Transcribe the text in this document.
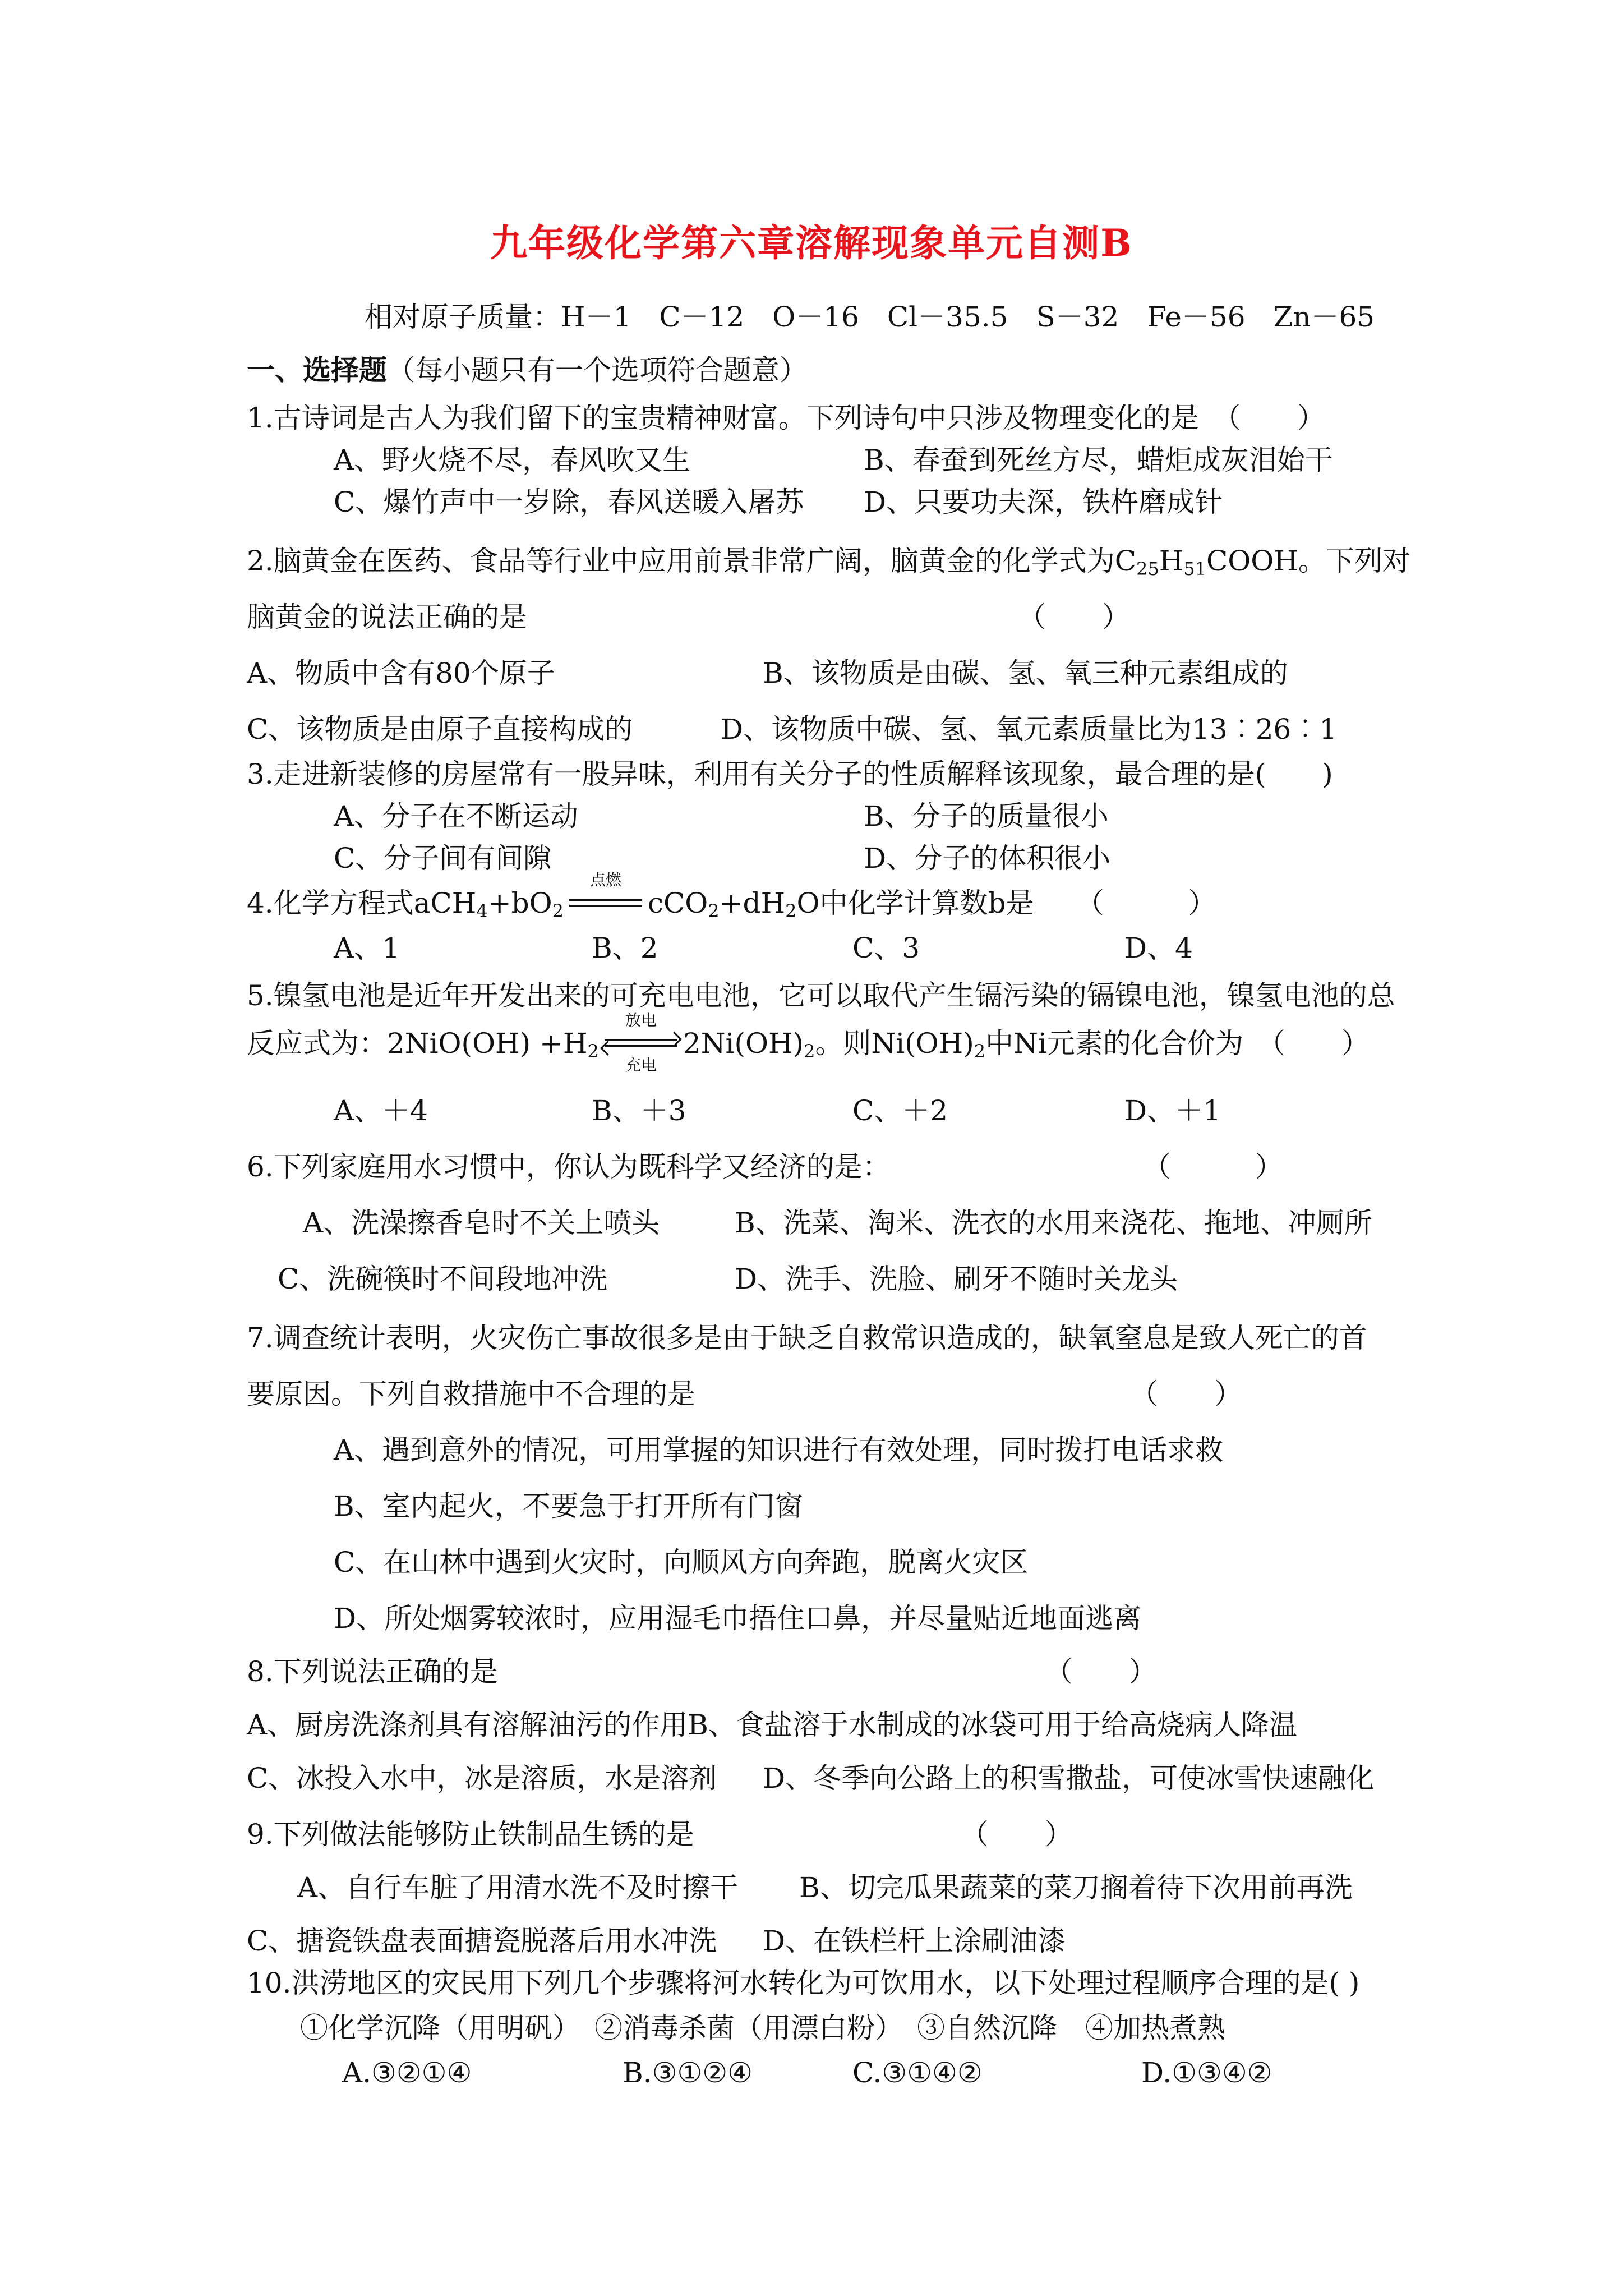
九年级化学第六章溶解现象单元自测B
相对原子质量：H－1　C－12　O－16　Cl－35.5　S－32　Fe－56　Zn－65
一、选择题（每小题只有一个选项符合题意）
1.古诗词是古人为我们留下的宝贵精神财富。下列诗句中只涉及物理变化的是　（　　）
A、野火烧不尽，春风吹又生	B、春蚕到死丝方尽，蜡炬成灰泪始干
C、爆竹声中一岁除，春风送暖入屠苏 D、只要功夫深，铁杵磨成针
2.脑黄金在医药、食品等行业中应用前景非常广阔，脑黄金的化学式为$C_{25}H_{51}COOH$。下列对
脑黄金的说法正确的是　　　　　　　　　　　　　　　　　　（　　）
A、物质中含有80个原子	B、该物质是由碳、氢、氧三种元素组成的
C、该物质是由原子直接构成的	D、该物质中碳、氢、氧元素质量比为13︰26︰1
3.走进新装修的房屋常有一股异味，利用有关分子的性质解释该现象，最合理的是(　　)
A、分子在不断运动	B、分子的质量很小
C、分子间有间隙	D、分子的体积很小
4.化学方程式$aCH_4+bO_2$
点燃
$cCO_2+dH_2O$中化学计算数b是　　（　　　）
A、1	B、2	C、3	D、4
5.镍氢电池是近年开发出来的可充电电池，它可以取代产生镉污染的镉镍电池，镍氢电池的总
反应式为：$2NiO(OH) +H_2$
放电
充电
$2Ni(OH)_2$。则$Ni(OH)_2$中Ni元素的化合价为　（　　）
A、＋4	B、＋3	C、＋2	D、＋1
6.下列家庭用水习惯中，你认为既科学又经济的是：　　　　　　　　　　（　　　）
A、洗澡擦香皂时不关上喷头	B、洗菜、淘米、洗衣的水用来浇花、拖地、冲厕所
C、洗碗筷时不间段地冲洗	D、洗手、洗脸、刷牙不随时关龙头
7.调查统计表明，火灾伤亡事故很多是由于缺乏自救常识造成的，缺氧窒息是致人死亡的首
要原因。下列自救措施中不合理的是　　　　　　　　　　　　　　　　（　　）
A、遇到意外的情况，可用掌握的知识进行有效处理，同时拨打电话求救
B、室内起火，不要急于打开所有门窗
C、在山林中遇到火灾时，向顺风方向奔跑，脱离火灾区
D、所处烟雾较浓时，应用湿毛巾捂住口鼻，并尽量贴近地面逃离
8.下列说法正确的是　　　　　　　　　　　　　　　　　　　　（　　）
A、厨房洗涤剂具有溶解油污的作用B、食盐溶于水制成的冰袋可用于给高烧病人降温
C、冰投入水中，冰是溶质，水是溶剂 D、冬季向公路上的积雪撒盐，可使冰雪快速融化
9.下列做法能够防止铁制品生锈的是　　　　　　　　　　（　　）
A、自行车脏了用清水洗不及时擦干 B、切完瓜果蔬菜的菜刀搁着待下次用前再洗
C、搪瓷铁盘表面搪瓷脱落后用水冲洗 D、在铁栏杆上涂刷油漆
10.洪涝地区的灾民用下列几个步骤将河水转化为可饮用水，以下处理过程顺序合理的是( )
①化学沉降（用明矾）　②消毒杀菌（用漂白粉）　③自然沉降　④加热煮熟
A.③②①④	B.③①②④	C.③①④②	D.①③④②
